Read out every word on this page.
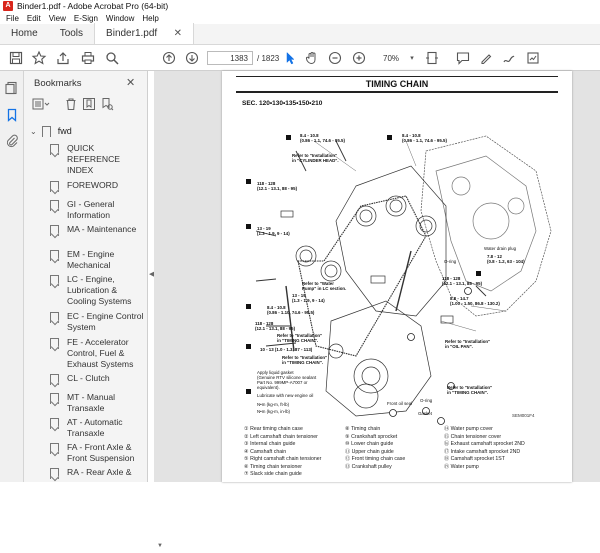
A Binder1.pdf - Adobe Acrobat Pro (64-bit)
File Edit View E-Sign Window Help
Home	Tools	Binder1.pdf ✕
1383	/ 1823	70%	▾
Bookmarks	✕
⌄ fwd
QUICK REFERENCE INDEX
FOREWORD
GI - General Information
MA - Maintenance
EM - Engine Mechanical
LC - Engine, Lubrication & Cooling Systems
EC - Engine Control System
FE - Accelerator Control, Fuel & Exhaust Systems
CL - Clutch
MT - Manual Transaxle
AT - Automatic Transaxle
FA - Front Axle & Front Suspension
RA - Rear Axle &
▼
◀
TIMING CHAIN
SEC. 120•130•135•150•210
8.4 - 10.8
(0.86 - 1.1, 74.6 - 95.5)
8.4 - 10.8
(0.86 - 1.1, 74.6 - 95.5)
Refer to "Installation"
in "CYLINDER HEAD".
118 - 128
(12.1 - 13.1, 88 - 95)
13 - 19
(1.3 - 1.9, 9 - 14)
O-ring
13 - 19
(1.3 - 1.9, 9 - 14)
Water drain plug
7.8 - 12
(0.8 - 1.2, 63 - 104)
118 - 128
(12.1 - 13.1, 88 - 95)
Refer to "Water
Pump" in LC section.
8.4 - 10.8
(0.86 - 1.10, 74.6 - 95.5)
8.8 - 14.7
(1.00 - 1.50, 86.8 - 130.2)
118 - 128
(12.1 - 13.1, 88 - 95)
Refer to "Installation"
in "TIMING CHAIN".
10 - 13 (1.0 - 1.3, 87 - 113)
Refer to "Installation"
in "TIMING CHAIN".
Refer to "Installation"
in "OIL PAN".
Refer to "Installation"
in "TIMING CHAIN".
Apply liquid gasket
(Genuine RTV silicone sealant
Part No. 999MP-A7007 or
equivalent).
Lubricate with new engine oil
N•m (kg-m, ft-lb)
N•m (kg-m, in-lb)
Front oil seal
Gasket
O-ring
SEM001F4
① Rear timing chain case
② Left camshaft chain tensioner
③ Internal chain guide
④ Camshaft chain
⑤ Right camshaft chain tensioner
⑥ Timing chain tensioner
⑦ Slack side chain guide
⑧ Timing chain
⑨ Crankshaft sprocket
⑩ Lower chain guide
⑪ Upper chain guide
⑫ Front timing chain case
⑬ Crankshaft pulley
⑭ Water pump cover
⑮ Chain tensioner cover
⑯ Exhaust camshaft sprocket 2ND
⑰ Intake camshaft sprocket 2ND
⑱ Camshaft sprocket 1ST
⑲ Water pump
